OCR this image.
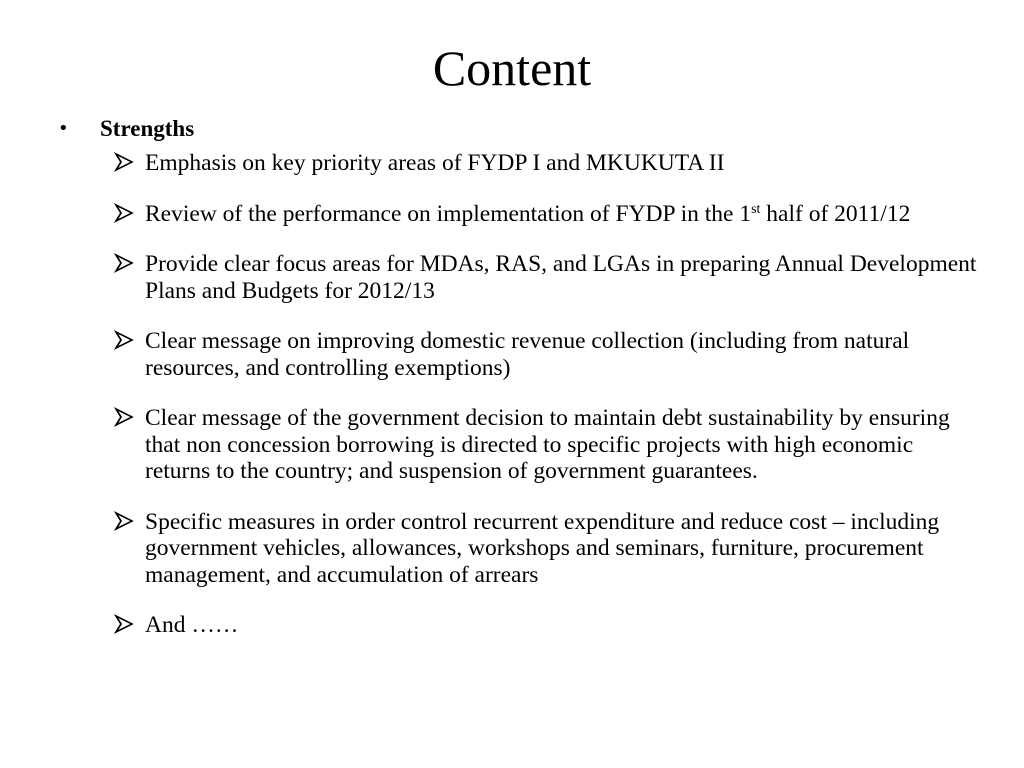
Content
• Strengths
Emphasis on key priority areas of FYDP I and MKUKUTA II
Review of the performance on implementation of FYDP in the 1st half of 2011/12
Provide clear focus areas for MDAs, RAS, and LGAs in preparing Annual Development Plans and Budgets for 2012/13
Clear message on improving domestic revenue collection (including from natural resources, and controlling exemptions)
Clear message of the government decision to maintain debt sustainability by ensuring that non concession borrowing is directed to specific projects with high economic returns to the country; and suspension of government guarantees.
Specific measures in order control recurrent expenditure and reduce cost – including government vehicles, allowances, workshops and seminars, furniture, procurement management, and accumulation of arrears
And ……
